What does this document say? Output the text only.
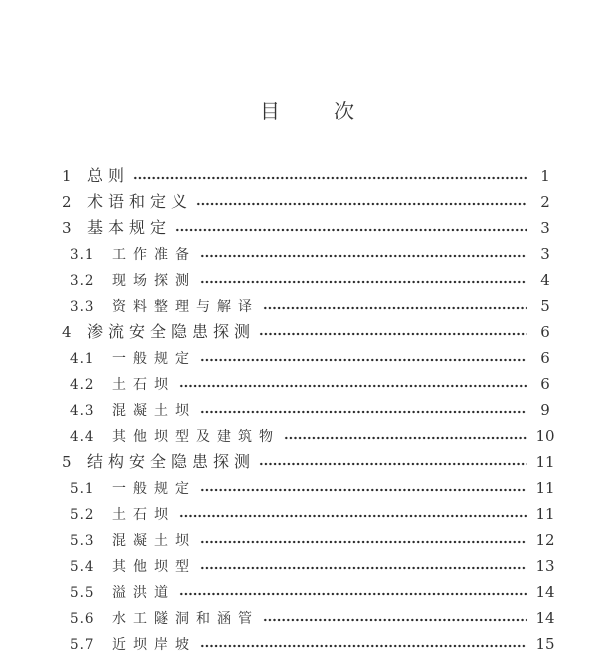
目	次
1 总则	1
2 术语和定义	2
3 基本规定	3
3.1	工作准备	3
3.2	现场探测	4
3.3	资料整理与解译	5
4 渗流安全隐患探测	6
4.1	一般规定	6
4.2	土石坝	6
4.3	混凝土坝	9
4.4	其他坝型及建筑物	10
5 结构安全隐患探测	11
5.1	一般规定	11
5.2	土石坝	11
5.3	混凝土坝	12
5.4	其他坝型	13
5.5	溢洪道	14
5.6	水工隧洞和涵管	14
5.7	近坝岸坡	15
